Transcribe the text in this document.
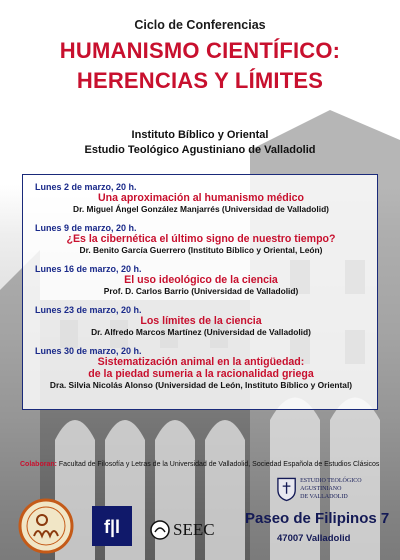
Ciclo de Conferencias
HUMANISMO CIENTÍFICO:
HERENCIAS Y LÍMITES
Instituto Bíblico y Oriental
Estudio Teológico Agustiniano de Valladolid
Lunes 2 de marzo, 20 h.
Una aproximación al humanismo médico
Dr. Miguel Ángel González Manjarrés (Universidad de Valladolid)
Lunes 9 de marzo, 20 h.
¿Es la cibernética el último signo de nuestro tiempo?
Dr. Benito García Guerrero (Instituto Bíblico y Oriental, León)
Lunes 16 de marzo, 20 h.
El uso ideológico de la ciencia
Prof. D. Carlos Barrio (Universidad de Valladolid)
Lunes 23 de marzo, 20 h.
Los límites de la ciencia
Dr. Alfredo Marcos Martínez (Universidad de Valladolid)
Lunes 30 de marzo, 20 h.
Sistematización animal en la antigüedad:
de la piedad sumeria a la racionalidad griega
Dra. Silvia Nicolás Alonso (Universidad de León, Instituto Bíblico y Oriental)
Colaboran: Facultad de Filosofía y Letras de la Universidad de Valladolid, Sociedad Española de Estudios Clásicos
f|l	SEEC
ESTUDIO TEOLÓGICO AGUSTINIANO
DE VALLADOLID
Paseo de Filipinos 7
47007 Valladolid
